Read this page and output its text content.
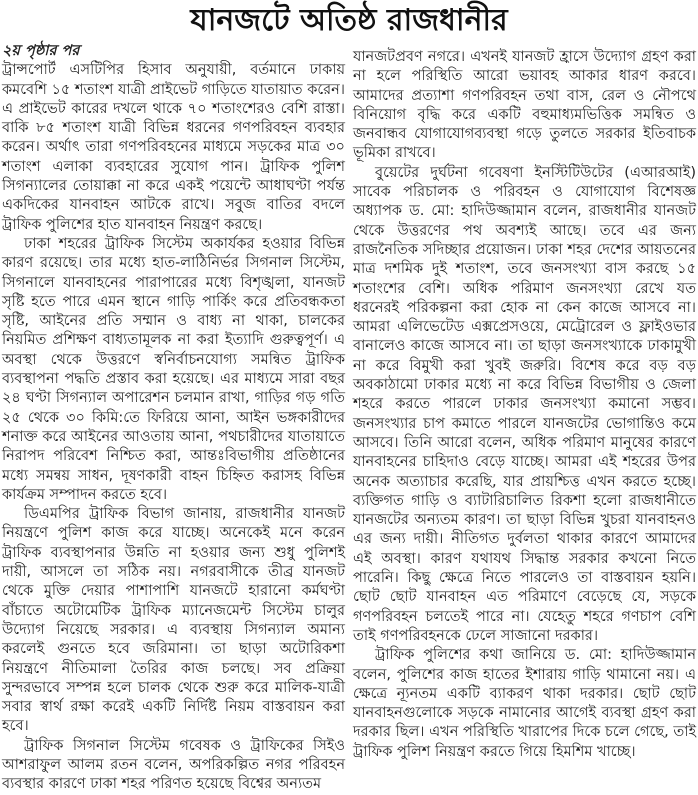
যানজটে অতিষ্ঠ রাজধানীর

২য় পৃষ্ঠার পর

ট্রান্সপোর্ট এসটিপির হিসাব অনুযায়ী, বর্তমানে ঢাকায় কমবেশি ১৫ শতাংশ যাত্রী প্রাইভেট গাড়িতে যাতায়াত করেন। এ প্রাইভেট কারের দখলে থাকে ৭০ শতাংশেরও বেশি রাস্তা। বাকি ৮৫ শতাংশ যাত্রী বিভিন্ন ধরনের গণপরিবহন ব্যবহার করেন। অর্থাৎ তারা গণপরিবহনের মাধ্যমে সড়কের মাত্র ৩০ শতাংশ এলাকা ব্যবহারের সুযোগ পান। ট্রাফিক পুলিশ সিগন্যালের তোয়াক্কা না করে একই পয়েন্টে আধাঘণ্টা পর্যন্ত একদিকের যানবাহন আটকে রাখে। সবুজ বাতির বদলে ট্রাফিক পুলিশের হাত যানবাহন নিয়ন্ত্রণ করছে।

ঢাকা শহরের ট্রাফিক সিস্টেম অকার্যকর হওয়ার বিভিন্ন কারণ রয়েছে। তার মধ্যে হাত-লাঠিনির্ভর সিগনাল সিস্টেম, সিগনালে যানবাহনের পারাপারের মধ্যে বিশৃঙ্খলা, যানজট সৃষ্টি হতে পারে এমন স্থানে গাড়ি পার্কিং করে প্রতিবন্ধকতা সৃষ্টি, আইনের প্রতি সম্মান ও বাধ্য না থাকা, চালকের নিয়মিত প্রশিক্ষণ বাধ্যতামূলক না করা ইত্যাদি গুরুত্বপূর্ণ। এ অবস্থা থেকে উত্তরণে স্বনির্বাচনযোগ্য সমন্বিত ট্রাফিক ব্যবস্থাপনা পদ্ধতি প্রস্তাব করা হয়েছে। এর মাধ্যমে সারা বছর ২৪ ঘণ্টা সিগন্যাল অপারেশন চলমান রাখা, গাড়ির গড় গতি ২৫ থেকে ৩০ কিমি:তে ফিরিয়ে আনা, আইন ভঙ্গকারীদের শনাক্ত করে আইনের আওতায় আনা, পথচারীদের যাতায়াতে নিরাপদ পরিবেশ নিশ্চিত করা, আন্তঃবিভাগীয় প্রতিষ্ঠানের মধ্যে সমন্বয় সাধন, দূষণকারী বাহন চিহ্নিত করাসহ বিভিন্ন কার্যক্রম সম্পাদন করতে হবে।

ডিএমপির ট্রাফিক বিভাগ জানায়, রাজধানীর যানজট নিয়ন্ত্রণে পুলিশ কাজ করে যাচ্ছে। অনেকেই মনে করেন ট্রাফিক ব্যবস্থাপনার উন্নতি না হওয়ার জন্য শুধু পুলিশই দায়ী, আসলে তা সঠিক নয়। নগরবাসীকে তীব্র যানজট থেকে মুক্তি দেয়ার পাশাপাশি যানজটে হারানো কর্মঘণ্টা বাঁচাতে অটোমেটিক ট্রাফিক ম্যানেজমেন্ট সিস্টেম চালুর উদ্যোগ নিয়েছে সরকার। এ ব্যবস্থায় সিগন্যাল অমান্য করলেই গুনতে হবে জরিমানা। তা ছাড়া অটোরিকশা নিয়ন্ত্রণে নীতিমালা তৈরির কাজ চলছে। সব প্রক্রিয়া সুন্দরভাবে সম্পন্ন হলে চালক থেকে শুরু করে মালিক-যাত্রী সবার স্বার্থ রক্ষা করেই একটি নির্দিষ্ট নিয়ম বাস্তবায়ন করা হবে।

ট্রাফিক সিগনাল সিস্টেম গবেষক ও ট্রাফিকের সিইও আশরাফুল আলম রতন বলেন, অপরিকল্পিত নগর পরিবহন ব্যবস্থার কারণে ঢাকা শহর পরিণত হয়েছে বিশ্বের অন্যতম

যানজটপ্রবণ নগরে। এখনই যানজট হ্রাসে উদ্যোগ গ্রহণ করা না হলে পরিস্থিতি আরো ভয়াবহ আকার ধারণ করবে। আমাদের প্রত্যাশা গণপরিবহন তথা বাস, রেল ও নৌপথে বিনিয়োগ বৃদ্ধি করে একটি বহুমাধ্যমভিত্তিক সমন্বিত ও জনবান্ধব যোগাযোগব্যবস্থা গড়ে তুলতে সরকার ইতিবাচক ভূমিকা রাখবে।

বুয়েটের দুর্ঘটনা গবেষণা ইনস্টিটিউটের (এআরআই) সাবেক পরিচালক ও পরিবহন ও যোগাযোগ বিশেষজ্ঞ অধ্যাপক ড. মো: হাদিউজ্জামান বলেন, রাজধানীর যানজট থেকে উত্তরণের পথ অবশ্যই আছে। তবে এর জন্য রাজনৈতিক সদিচ্ছার প্রয়োজন। ঢাকা শহর দেশের আয়তনের মাত্র দশমিক দুই শতাংশ, তবে জনসংখ্যা বাস করছে ১৫ শতাংশের বেশি। অধিক পরিমাণ জনসংখ্যা রেখে যত ধরনেরই পরিকল্পনা করা হোক না কেন কাজে আসবে না। আমরা এলিভেটেড এক্সপ্রেসওয়ে, মেট্রোরেল ও ফ্লাইওভার বানালেও কাজে আসবে না। তা ছাড়া জনসংখ্যাকে ঢাকামুখী না করে বিমুখী করা খুবই জরুরি। বিশেষ করে বড় বড় অবকাঠামো ঢাকার মধ্যে না করে বিভিন্ন বিভাগীয় ও জেলা শহরে করতে পারলে ঢাকার জনসংখ্যা কমানো সম্ভব। জনসংখ্যার চাপ কমাতে পারলে যানজটের ভোগান্তিও কমে আসবে। তিনি আরো বলেন, অধিক পরিমাণ মানুষের কারণে যানবাহনের চাহিদাও বেড়ে যাচ্ছে। আমরা এই শহরের উপর অনেক অত্যাচার করেছি, যার প্রায়শ্চিত্ত এখন করতে হচ্ছে। ব্যক্তিগত গাড়ি ও ব্যাটারিচালিত রিকশা হলো রাজধানীতে যানজটের অন্যতম কারণ। তা ছাড়া বিভিন্ন খুচরা যানবাহনও এর জন্য দায়ী। নীতিগত দুর্বলতা থাকার কারণে আমাদের এই অবস্থা। কারণ যথাযথ সিদ্ধান্ত সরকার কখনো নিতে পারেনি। কিছু ক্ষেত্রে নিতে পারলেও তা বাস্তবায়ন হয়নি। ছোট ছোট যানবাহন এত পরিমাণে বেড়েছে যে, সড়কে গণপরিবহন চলতেই পারে না। যেহেতু শহরে গণচাপ বেশি তাই গণপরিবহনকে ঢেলে সাজানো দরকার।

ট্রাফিক পুলিশের কথা জানিয়ে ড. মো: হাদিউজ্জামান বলেন, পুলিশের কাজ হাতের ইশারায় গাড়ি থামানো নয়। এ ক্ষেত্রে ন্যূনতম একটি ব্যাকরণ থাকা দরকার। ছোট ছোট যানবাহনগুলোকে সড়কে নামানোর আগেই ব্যবস্থা গ্রহণ করা দরকার ছিল। এখন পরিস্থিতি খারাপের দিকে চলে গেছে, তাই ট্রাফিক পুলিশ নিয়ন্ত্রণ করতে গিয়ে হিমশিম খাচ্ছে।
